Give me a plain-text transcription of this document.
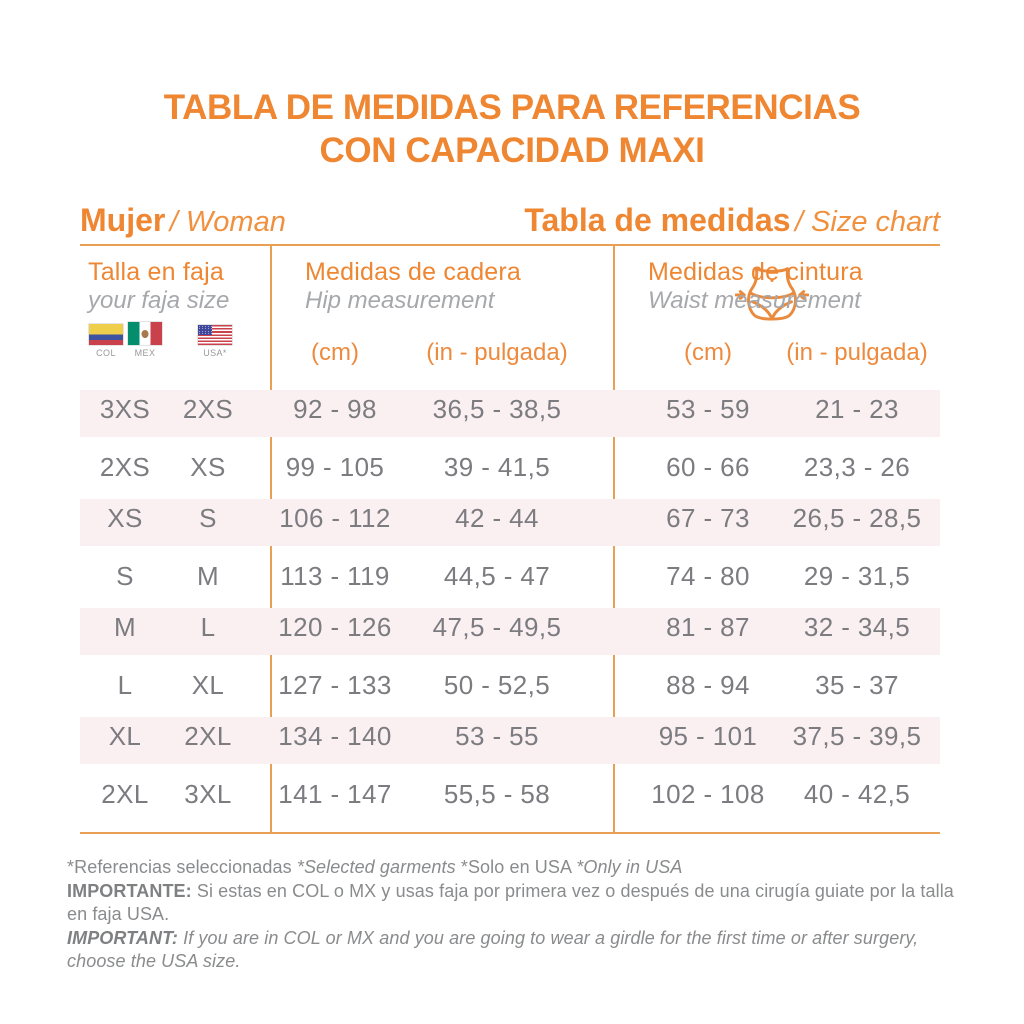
TABLA DE MEDIDAS PARA REFERENCIAS
CON CAPACIDAD MAXI
Mujer / Woman	Tabla de medidas / Size chart
Talla en faja
your faja size
COL	MEX	USA*
Medidas de cadera
Hip measurement
Medidas de cintura
Waist measurement
(cm)	(in - pulgada)	(cm)	(in - pulgada)
3XS	2XS	92 - 98	36,5 - 38,5	53 - 59	21 - 23
2XS	XS	99 - 105	39 - 41,5	60 - 66	23,3 - 26
XS	S	106 - 112	42 - 44	67 - 73	26,5 - 28,5
S	M	113 - 119	44,5 - 47	74 - 80	29 - 31,5
M	L	120 - 126	47,5 - 49,5	81 - 87	32 - 34,5
L	XL	127 - 133	50 - 52,5	88 - 94	35 - 37
XL	2XL	134 - 140	53 - 55	95 - 101	37,5 - 39,5
2XL	3XL	141 - 147	55,5 - 58	102 - 108	40 - 42,5
*Referencias seleccionadas *Selected garments *Solo en USA *Only in USA
IMPORTANTE: Si estas en COL o MX y usas faja por primera vez o después de una cirugía guiate por la talla en faja USA.
IMPORTANT: If you are in COL or MX and you are going to wear a girdle for the first time or after surgery, choose the USA size.
